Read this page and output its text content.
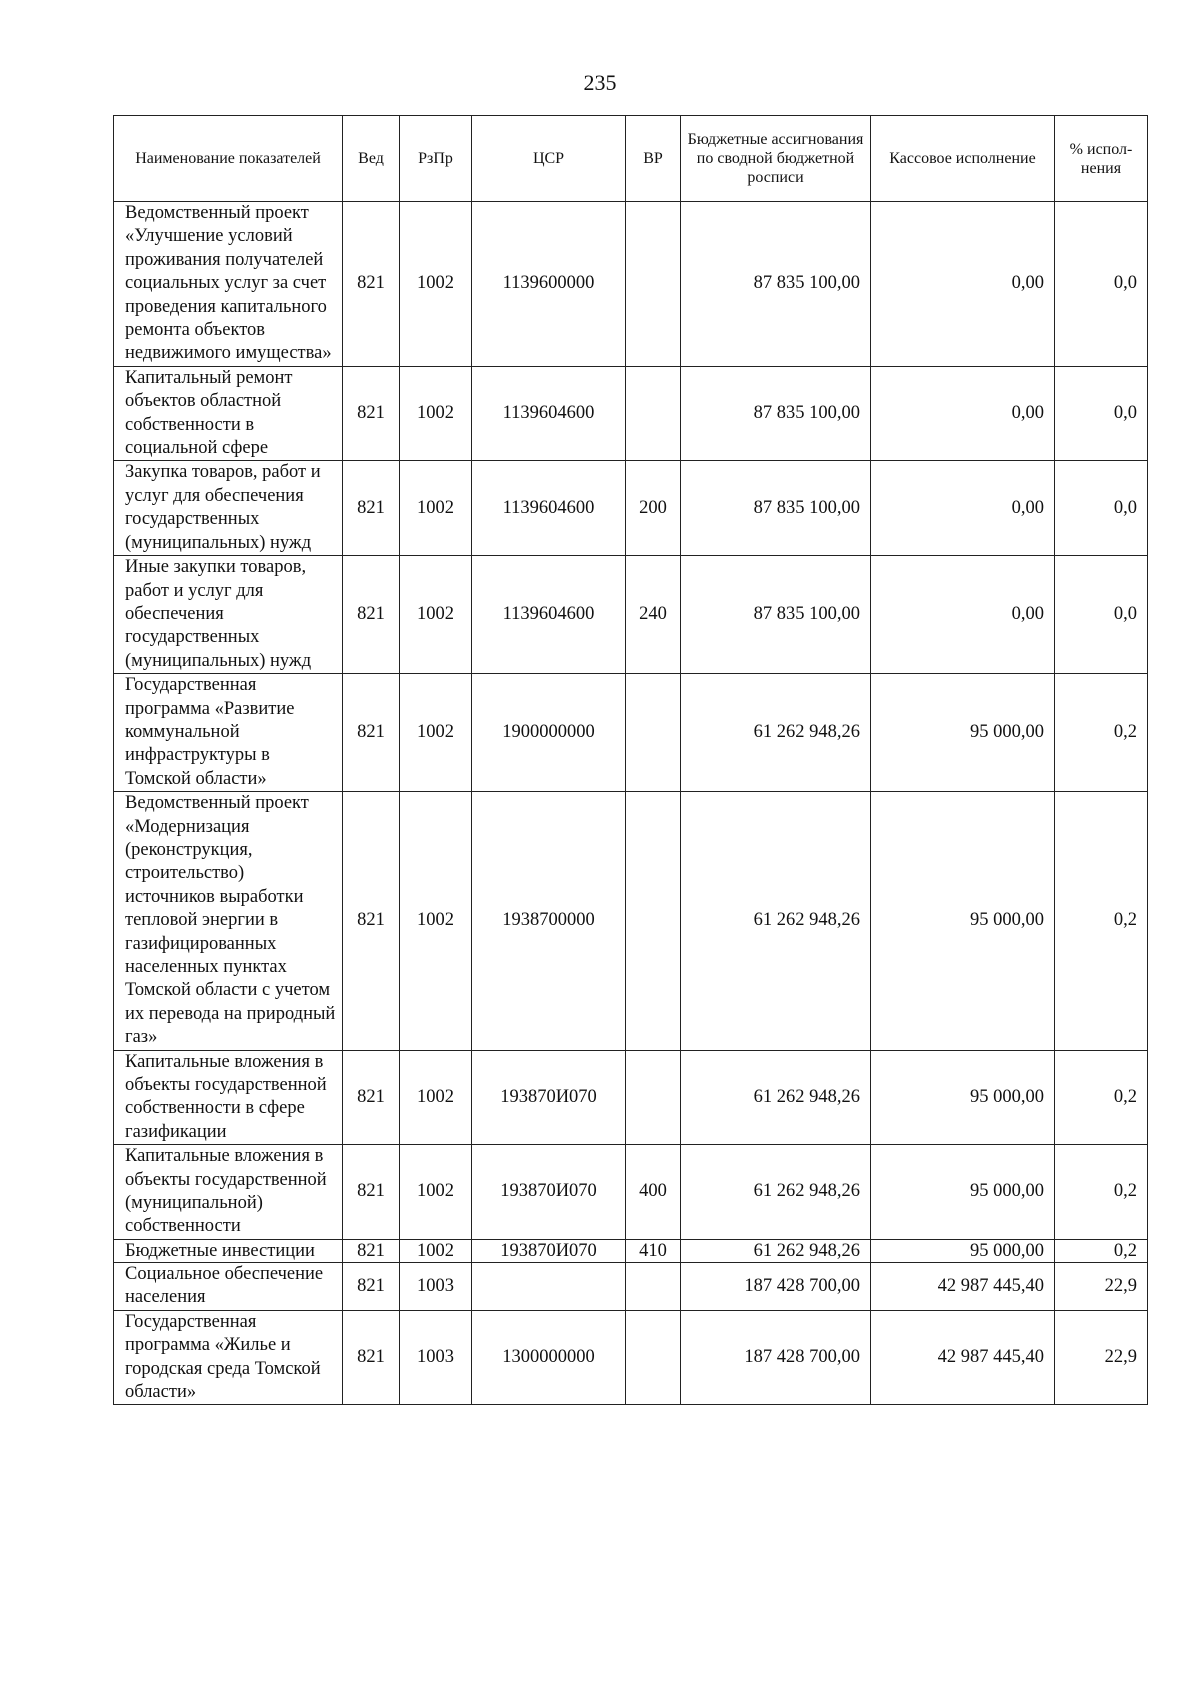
235
Наименование показателей	Вед	РзПр	ЦСР	ВР	Бюджетные ассигнования по сводной бюджетной росписи	Кассовое исполнение	% испол-нения
Ведомственный проект «Улучшение условий проживания получателей социальных услуг за счет проведения капитального ремонта объектов недвижимого имущества»	821	1002	1139600000		87 835 100,00	0,00	0,0
Капитальный ремонт объектов областной собственности в социальной сфере	821	1002	1139604600		87 835 100,00	0,00	0,0
Закупка товаров, работ и услуг для обеспечения государственных (муниципальных) нужд	821	1002	1139604600	200	87 835 100,00	0,00	0,0
Иные закупки товаров, работ и услуг для обеспечения государственных (муниципальных) нужд	821	1002	1139604600	240	87 835 100,00	0,00	0,0
Государственная программа «Развитие коммунальной инфраструктуры в Томской области»	821	1002	1900000000		61 262 948,26	95 000,00	0,2
Ведомственный проект «Модернизация (реконструкция, строительство) источников выработки тепловой энергии в газифицированных населенных пунктах Томской области с учетом их перевода на природный газ»	821	1002	1938700000		61 262 948,26	95 000,00	0,2
Капитальные вложения в объекты государственной собственности в сфере газификации	821	1002	193870И070		61 262 948,26	95 000,00	0,2
Капитальные вложения в объекты государственной (муниципальной) собственности	821	1002	193870И070	400	61 262 948,26	95 000,00	0,2
Бюджетные инвестиции	821	1002	193870И070	410	61 262 948,26	95 000,00	0,2
Социальное обеспечение населения	821	1003			187 428 700,00	42 987 445,40	22,9
Государственная программа «Жилье и городская среда Томской области»	821	1003	1300000000		187 428 700,00	42 987 445,40	22,9
